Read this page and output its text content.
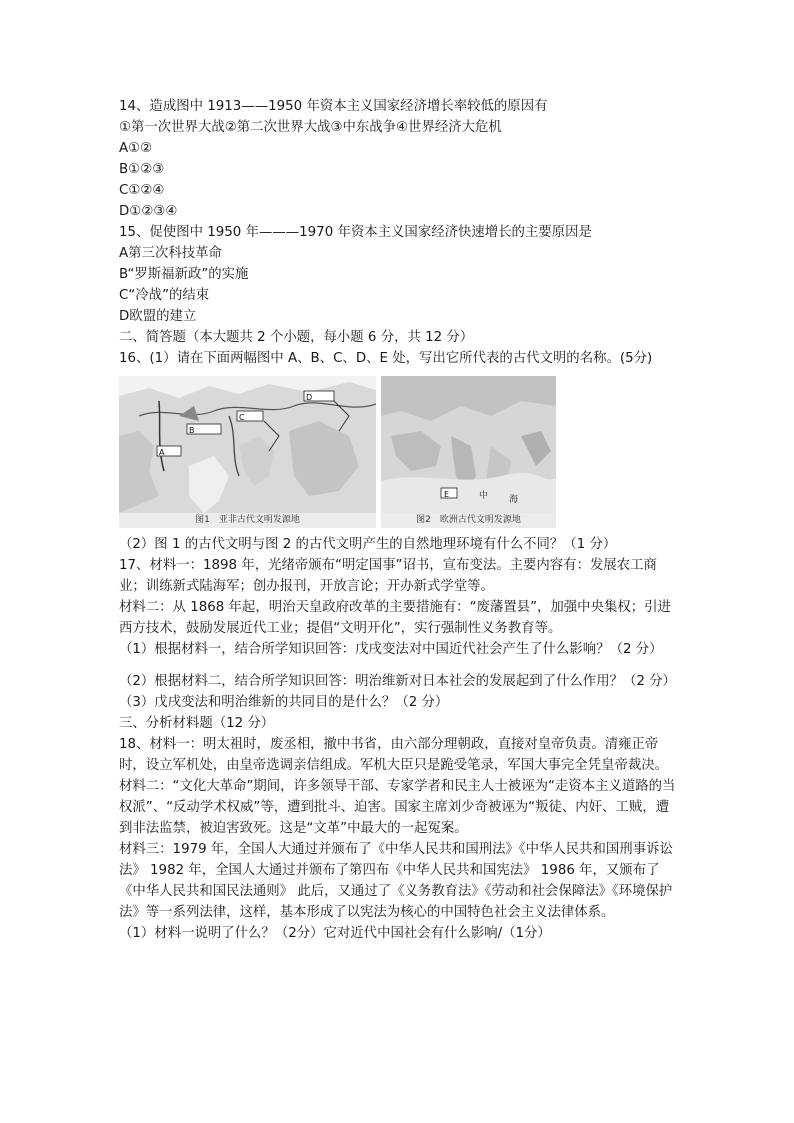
14、造成图中 1913——1950 年资本主义国家经济增长率较低的原因有
①第一次世界大战②第二次世界大战③中东战争④世界经济大危机
A①②
B①②③
C①②④
D①②③④
15、促使图中 1950 年———1970 年资本主义国家经济快速增长的主要原因是
A第三次科技革命
B“罗斯福新政”的实施
C“冷战”的结束
D欧盟的建立
二、简答题（本大题共 2 个小题，每小题 6 分，共 12 分）
16、(1）请在下面两幅图中 A、B、C、D、E 处，写出它所代表的古代文明的名称。(5分)
A
B
C
D
图1　亚非古代文明发源地
E	中 海
图2　欧洲古代文明发源地
（2）图 1 的古代文明与图 2 的古代文明产生的自然地理环境有什么不同？（1 分）
17、材料一：1898 年，光绪帝颁布“明定国事”诏书，宣布变法。主要内容有：发展农工商业；训练新式陆海军；创办报刊，开放言论；开办新式学堂等。
材料二：从 1868 年起，明治天皇政府改革的主要措施有：“废藩置县”，加强中央集权；引进西方技术，鼓励发展近代工业；提倡“文明开化”，实行强制性义务教育等。
（1）根据材料一，结合所学知识回答：戊戌变法对中国近代社会产生了什么影响？（2 分）
（2）根据材料二，结合所学知识回答：明治维新对日本社会的发展起到了什么作用？（2 分）
（3）戊戌变法和明治维新的共同目的是什么？（2 分）
三、分析材料题（12 分）
18、材料一：明太祖时，废丞相，撤中书省，由六部分理朝政，直接对皇帝负责。清雍正帝时，设立军机处，由皇帝选调亲信组成。军机大臣只是跪受笔录，军国大事完全凭皇帝裁决。
材料二：“文化大革命”期间，许多领导干部、专家学者和民主人士被诬为“走资本主义道路的当权派”、“反动学术权威”等，遭到批斗、迫害。国家主席刘少奇被诬为“叛徒、内奸、工贼，遭到非法监禁，被迫害致死。这是“文革”中最大的一起冤案。
材料三：1979 年，全国人大通过并颁布了《中华人民共和国刑法》《中华人民共和国刑事诉讼法》 1982 年，全国人大通过并颁布了第四布《中华人民共和国宪法》 1986 年，又颁布了《中华人民共和国民法通则》 此后，又通过了《义务教育法》《劳动和社会保障法》《环境保护法》等一系列法律，这样，基本形成了以宪法为核心的中国特色社会主义法律体系。
（1）材料一说明了什么？（2分）它对近代中国社会有什么影响/（1分）
